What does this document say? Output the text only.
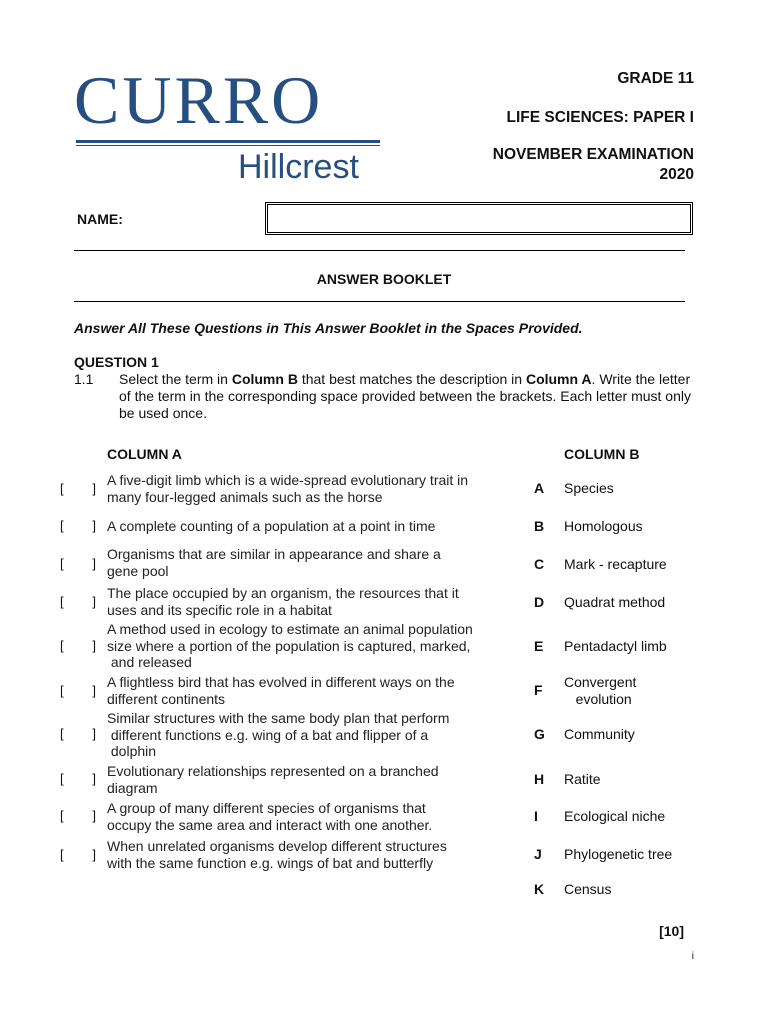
CURRO
Hillcrest
GRADE 11
LIFE SCIENCES: PAPER I
NOVEMBER EXAMINATION
2020
NAME:
ANSWER BOOKLET
Answer All These Questions in This Answer Booklet in the Spaces Provided.
QUESTION 1
1.1 Select the term in Column B that best matches the description in Column A. Write the letter of the term in the corresponding space provided between the brackets. Each letter must only be used once.
COLUMN A	COLUMN B
[ ]
A five-digit limb which is a wide-spread evolutionary trait in
many four-legged animals such as the horse
[ ] A complete counting of a population at a point in time
[ ]
Organisms that are similar in appearance and share a
gene pool
[ ]
The place occupied by an organism, the resources that it
uses and its specific role in a habitat
[ ]
A method used in ecology to estimate an animal population
size where a portion of the population is captured, marked,
and released
[ ]
A flightless bird that has evolved in different ways on the
different continents
[ ]
Similar structures with the same body plan that perform
different functions e.g. wing of a bat and flipper of a
dolphin
[ ] Evolutionary relationships represented on a branched
diagram
[ ] A group of many different species of organisms that
occupy the same area and interact with one another.
[ ]
When unrelated organisms develop different structures
with the same function e.g. wings of bat and butterfly
A Species
B Homologous
C Mark - recapture
D Quadrat method
E Pentadactyl limb
F Convergent
evolution
G Community
H Ratite
I Ecological niche
J Phylogenetic tree
K Census
[10]
i
